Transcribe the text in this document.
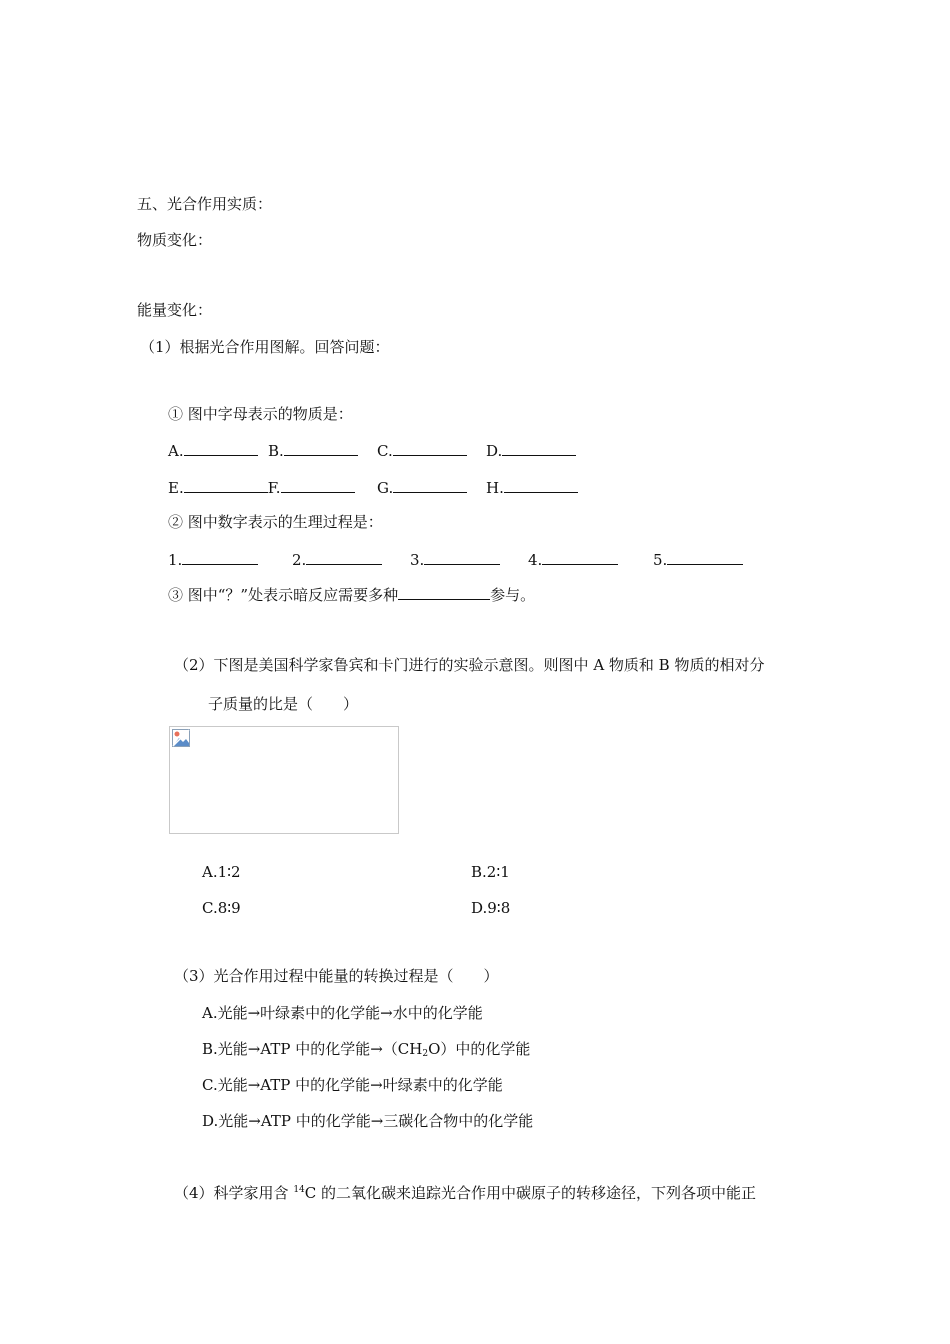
五、光合作用实质：
物质变化：
能量变化：
（1）根据光合作用图解。回答问题：
① 图中字母表示的物质是：
A.	B.	C.	D.
E.	F.	G.	H.
② 图中数字表示的生理过程是：
1.	2.	3.	4.	5.
③ 图中“？”处表示暗反应需要多种	参与。
（2）下图是美国科学家鲁宾和卡门进行的实验示意图。则图中 A 物质和 B 物质的相对分
子质量的比是（　　）
A.1∶2	B.2∶1
C.8∶9	D.9∶8
（3）光合作用过程中能量的转换过程是（　　）
A.光能→叶绿素中的化学能→水中的化学能
B.光能→ATP 中的化学能$\to(CH_2O)$中的化学能
C.光能→ATP 中的化学能→叶绿素中的化学能
D.光能→ATP 中的化学能→三碳化合物中的化学能
（4）科学家用含 $^{14}$C 的二氧化碳来追踪光合作用中碳原子的转移途径，下列各项中能正
